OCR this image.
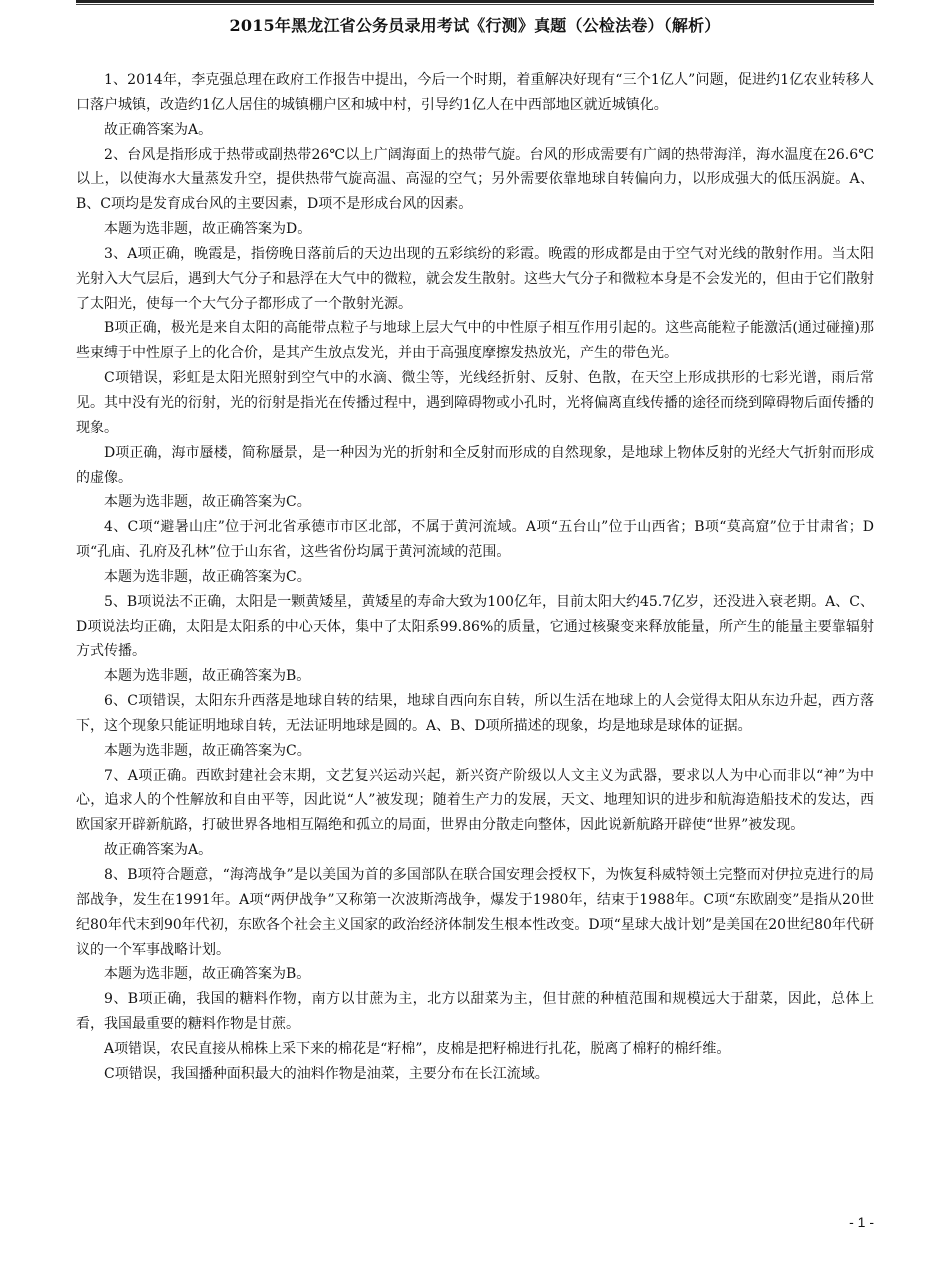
2015年黑龙江省公务员录用考试《行测》真题（公检法卷）（解析）

1、2014年，李克强总理在政府工作报告中提出，今后一个时期，着重解决好现有“三个1亿人”问题，促进约1亿农业转移人口落户城镇，改造约1亿人居住的城镇棚户区和城中村，引导约1亿人在中西部地区就近城镇化。

故正确答案为A。

2、台风是指形成于热带或副热带26℃以上广阔海面上的热带气旋。台风的形成需要有广阔的热带海洋，海水温度在26.6℃以上，以使海水大量蒸发升空，提供热带气旋高温、高湿的空气；另外需要依靠地球自转偏向力，以形成强大的低压涡旋。A、B、C项均是发育成台风的主要因素，D项不是形成台风的因素。

本题为选非题，故正确答案为D。

3、A项正确，晚霞是，指傍晚日落前后的天边出现的五彩缤纷的彩霞。晚霞的形成都是由于空气对光线的散射作用。当太阳光射入大气层后，遇到大气分子和悬浮在大气中的微粒，就会发生散射。这些大气分子和微粒本身是不会发光的，但由于它们散射了太阳光，使每一个大气分子都形成了一个散射光源。

B项正确，极光是来自太阳的高能带点粒子与地球上层大气中的中性原子相互作用引起的。这些高能粒子能激活(通过碰撞)那些束缚于中性原子上的化合价，是其产生放点发光，并由于高强度摩擦发热放光，产生的带色光。

C项错误，彩虹是太阳光照射到空气中的水滴、微尘等，光线经折射、反射、色散，在天空上形成拱形的七彩光谱，雨后常见。其中没有光的衍射，光的衍射是指光在传播过程中，遇到障碍物或小孔时，光将偏离直线传播的途径而绕到障碍物后面传播的现象。

D项正确，海市蜃楼，简称蜃景，是一种因为光的折射和全反射而形成的自然现象，是地球上物体反射的光经大气折射而形成的虚像。

本题为选非题，故正确答案为C。

4、C项“避暑山庄”位于河北省承德市市区北部，不属于黄河流域。A项“五台山”位于山西省；B项“莫高窟”位于甘肃省；D项“孔庙、孔府及孔林”位于山东省，这些省份均属于黄河流域的范围。

本题为选非题，故正确答案为C。

5、B项说法不正确，太阳是一颗黄矮星，黄矮星的寿命大致为100亿年，目前太阳大约45.7亿岁，还没进入衰老期。A、C、D项说法均正确，太阳是太阳系的中心天体，集中了太阳系99.86%的质量，它通过核聚变来释放能量，所产生的能量主要靠辐射方式传播。

本题为选非题，故正确答案为B。

6、C项错误，太阳东升西落是地球自转的结果，地球自西向东自转，所以生活在地球上的人会觉得太阳从东边升起，西方落下，这个现象只能证明地球自转，无法证明地球是圆的。A、B、D项所描述的现象，均是地球是球体的证据。

本题为选非题，故正确答案为C。

7、A项正确。西欧封建社会末期，文艺复兴运动兴起，新兴资产阶级以人文主义为武器，要求以人为中心而非以“神”为中心，追求人的个性解放和自由平等，因此说“人”被发现；随着生产力的发展，天文、地理知识的进步和航海造船技术的发达，西欧国家开辟新航路，打破世界各地相互隔绝和孤立的局面，世界由分散走向整体，因此说新航路开辟使“世界”被发现。

故正确答案为A。

8、B项符合题意，“海湾战争”是以美国为首的多国部队在联合国安理会授权下，为恢复科威特领土完整而对伊拉克进行的局部战争，发生在1991年。A项“两伊战争”又称第一次波斯湾战争，爆发于1980年，结束于1988年。C项“东欧剧变”是指从20世纪80年代末到90年代初，东欧各个社会主义国家的政治经济体制发生根本性改变。D项“星球大战计划”是美国在20世纪80年代研议的一个军事战略计划。

本题为选非题，故正确答案为B。

9、B项正确，我国的糖料作物，南方以甘蔗为主，北方以甜菜为主，但甘蔗的种植范围和规模远大于甜菜，因此，总体上看，我国最重要的糖料作物是甘蔗。

A项错误，农民直接从棉株上采下来的棉花是“籽棉”，皮棉是把籽棉进行扎花，脱离了棉籽的棉纤维。

C项错误，我国播种面积最大的油料作物是油菜，主要分布在长江流域。

- 1 -
